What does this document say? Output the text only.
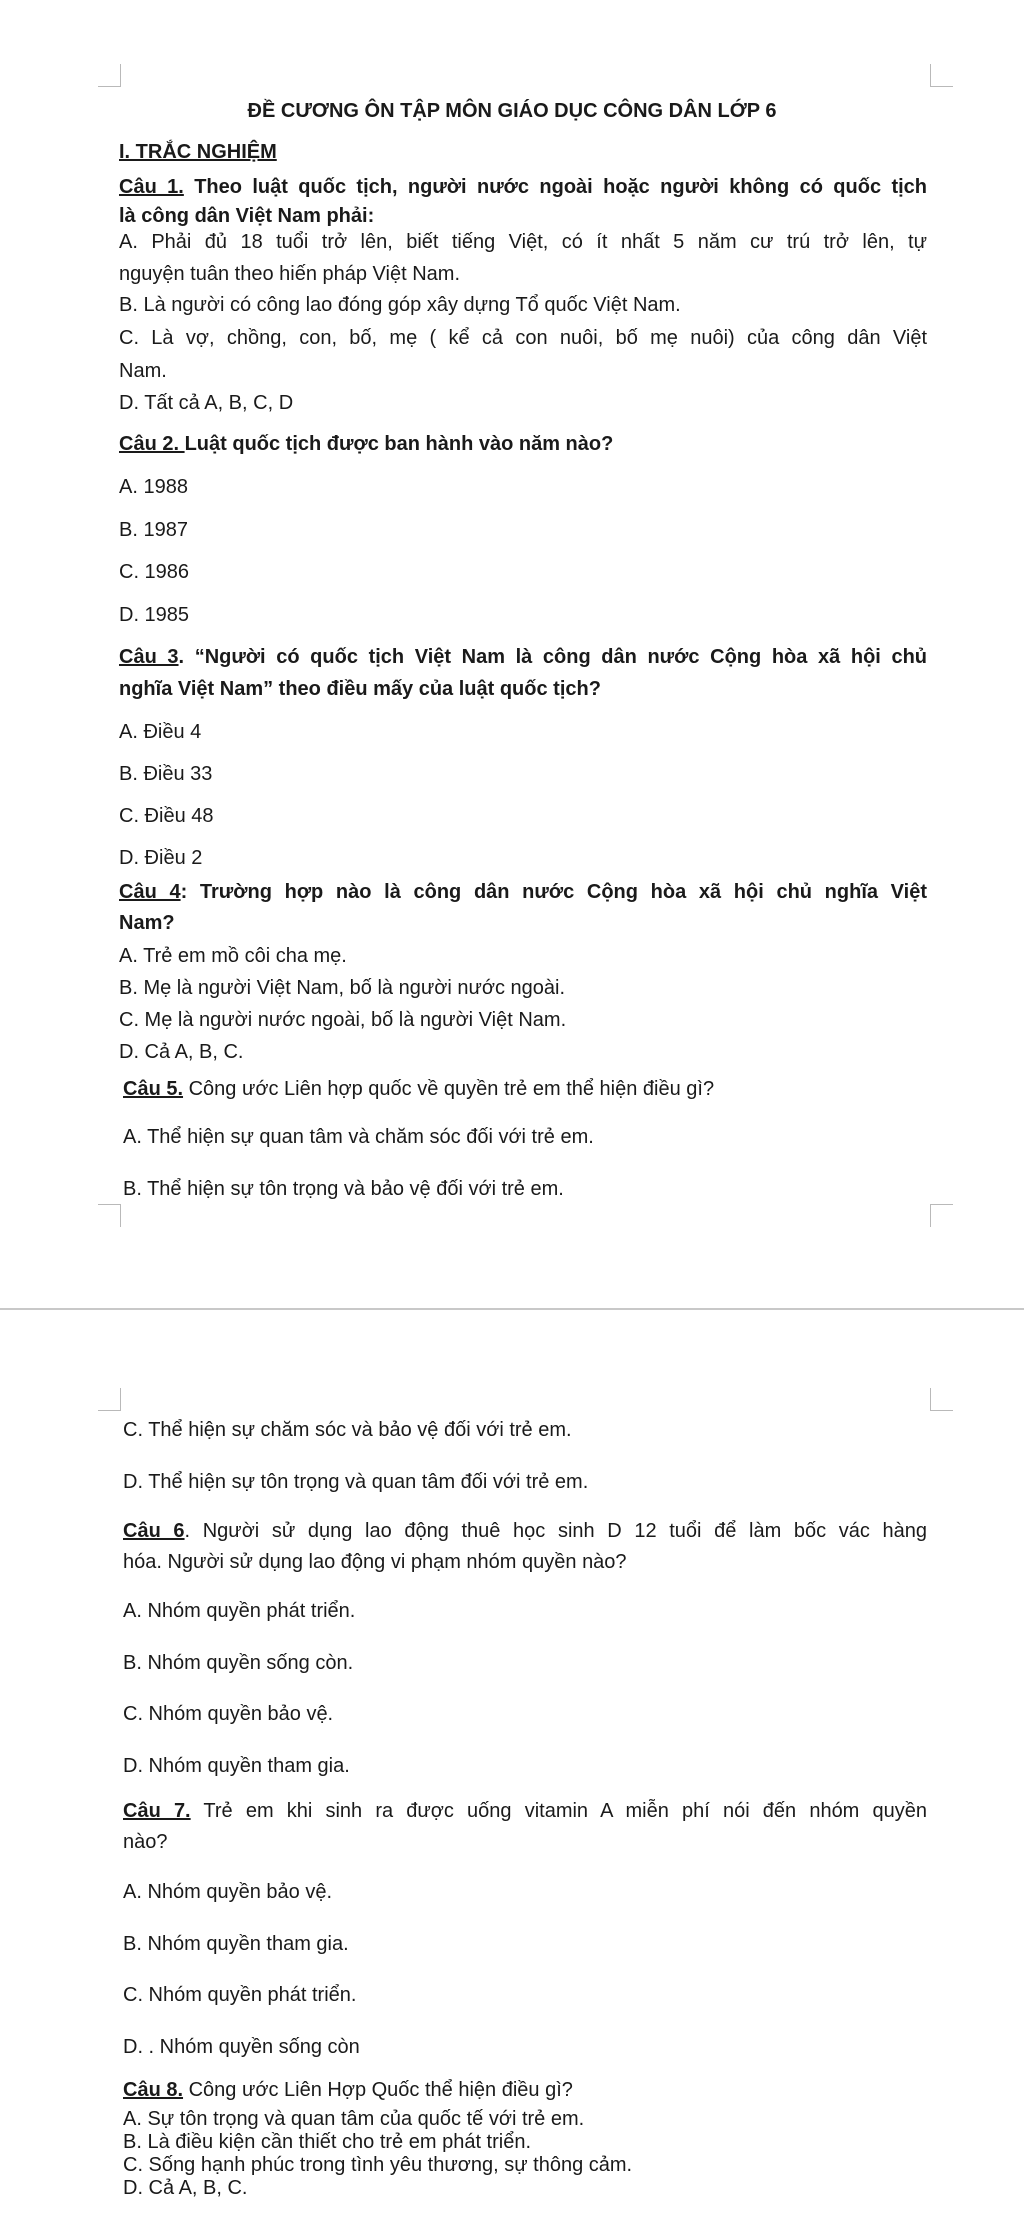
ĐỀ CƯƠNG ÔN TẬP MÔN GIÁO DỤC CÔNG DÂN LỚP 6
I. TRẮC NGHIỆM
Câu 1. Theo luật quốc tịch, người nước ngoài hoặc người không có quốc tịch
là công dân Việt Nam phải:
A. Phải đủ 18 tuổi trở lên, biết tiếng Việt, có ít nhất 5 năm cư trú trở lên, tự
nguyện tuân theo hiến pháp Việt Nam.
B. Là người có công lao đóng góp xây dựng Tổ quốc Việt Nam.
C. Là vợ, chồng, con, bố, mẹ ( kể cả con nuôi, bố mẹ nuôi) của công dân Việt
Nam.
D. Tất cả A, B, C, D
Câu 2. Luật quốc tịch được ban hành vào năm nào?
A. 1988
B. 1987
C. 1986
D. 1985
Câu 3. “Người có quốc tịch Việt Nam là công dân nước Cộng hòa xã hội chủ
nghĩa Việt Nam” theo điều mấy của luật quốc tịch?
A. Điều 4
B. Điều 33
C. Điều 48
D. Điều 2
Câu 4: Trường hợp nào là công dân nước Cộng hòa xã hội chủ nghĩa Việt
Nam?
A. Trẻ em mồ côi cha mẹ.
B. Mẹ là người Việt Nam, bố là người nước ngoài.
C. Mẹ là người nước ngoài, bố là người Việt Nam.
D. Cả A, B, C.
Câu 5. Công ước Liên hợp quốc về quyền trẻ em thể hiện điều gì?
A. Thể hiện sự quan tâm và chăm sóc đối với trẻ em.
B. Thể hiện sự tôn trọng và bảo vệ đối với trẻ em.
C. Thể hiện sự chăm sóc và bảo vệ đối với trẻ em.
D. Thể hiện sự tôn trọng và quan tâm đối với trẻ em.
Câu 6. Người sử dụng lao động thuê học sinh D 12 tuổi để làm bốc vác hàng
hóa. Người sử dụng lao động vi phạm nhóm quyền nào?
A. Nhóm quyền phát triển.
B. Nhóm quyền sống còn.
C. Nhóm quyền bảo vệ.
D. Nhóm quyền tham gia.
Câu 7. Trẻ em khi sinh ra được uống vitamin A miễn phí nói đến nhóm quyền
nào?
A. Nhóm quyền bảo vệ.
B. Nhóm quyền tham gia.
C. Nhóm quyền phát triển.
D. . Nhóm quyền sống còn
Câu 8. Công ước Liên Hợp Quốc thể hiện điều gì?
A. Sự tôn trọng và quan tâm của quốc tế với trẻ em.
B. Là điều kiện cần thiết cho trẻ em phát triển.
C. Sống hạnh phúc trong tình yêu thương, sự thông cảm.
D. Cả A, B, C.
